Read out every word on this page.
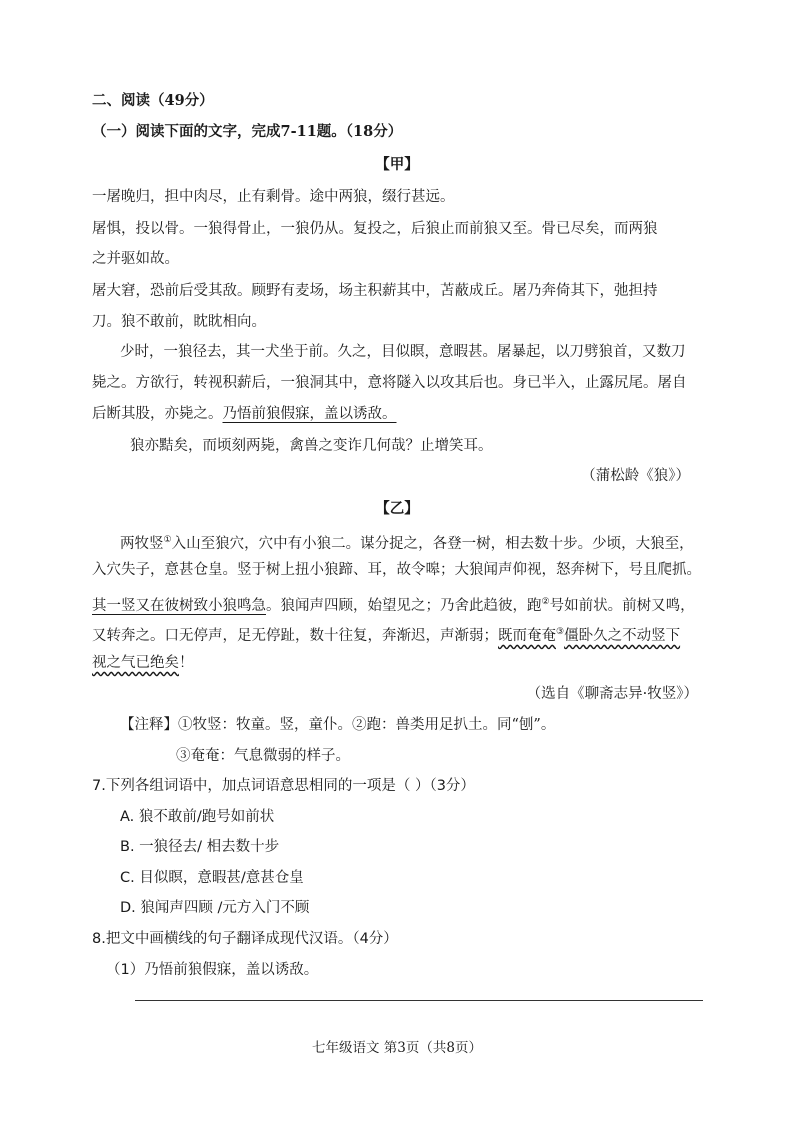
二、阅读（49分）
（一）阅读下面的文字，完成7-11题。（18分）
【甲】
一屠晚归，担中肉尽，止有剩骨。途中两狼，缀行甚远。
屠惧，投以骨。一狼得骨止，一狼仍从。复投之，后狼止而前狼又至。骨已尽矣，而两狼
之并驱如故。
屠大窘，恐前后受其敌。顾野有麦场，场主积薪其中，苫蔽成丘。屠乃奔倚其下，弛担持
刀。狼不敢前，眈眈相向。
少时，一狼径去，其一犬坐于前。久之，目似瞑，意暇甚。屠暴起，以刀劈狼首，又数刀
毙之。方欲行，转视积薪后，一狼洞其中，意将隧入以攻其后也。身已半入，止露尻尾。屠自
后断其股，亦毙之。乃悟前狼假寐，盖以诱敌。
狼亦黠矣，而顷刻两毙，禽兽之变诈几何哉？止增笑耳。
（蒲松龄《狼》）
【乙】
两牧竖①入山至狼穴，穴中有小狼二。谋分捉之，各登一树，相去数十步。少顷，大狼至，
入穴失子，意甚仓皇。竖于树上扭小狼蹄、耳，故令嗥；大狼闻声仰视，怒奔树下，号且爬抓。
其一竖又在彼树致小狼鸣急。狼闻声四顾，始望见之；乃舍此趋彼，跑②号如前状。前树又鸣，
又转奔之。口无停声，足无停趾，数十往复，奔渐迟，声渐弱；既而奄奄③僵卧久之不动竖下
视之气已绝矣！
（选自《聊斋志异·牧竖》）
【注释】①牧竖：牧童。竖，童仆。②跑：兽类用足扒土。同“刨”。
③奄奄：气息微弱的样子。
7.下列各组词语中，加点词语意思相同的一项是（ ）（3分）
A. 狼不敢前/跑号如前状
B. 一狼径去/ 相去数十步
C. 目似瞑，意暇甚/意甚仓皇
D. 狼闻声四顾 /元方入门不顾
8.把文中画横线的句子翻译成现代汉语。（4分）
（1）乃悟前狼假寐，盖以诱敌。
七年级语文 第3页（共8页）
